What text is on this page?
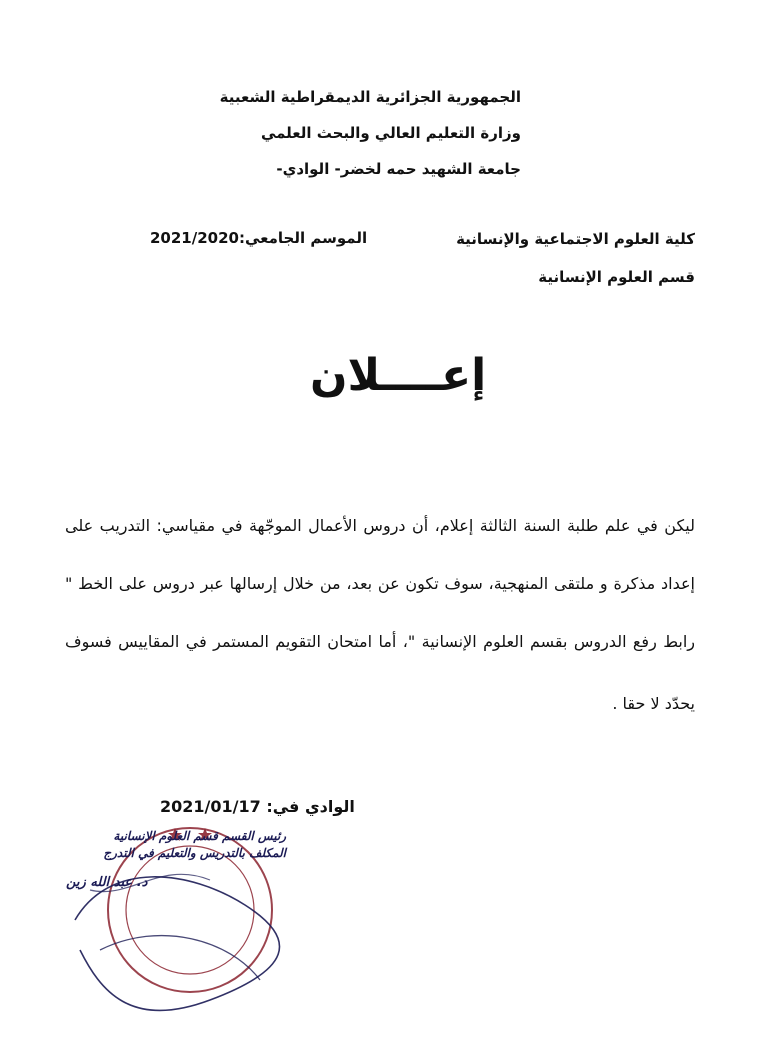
الجمهورية الجزائرية الديمقراطية الشعبية
وزارة التعليم العالي والبحث العلمي
جامعة الشهيد حمه لخضر- الوادي-
كلية العلوم الاجتماعية والإنسانية
الموسم الجامعي:2021/2020
قسم العلوم الإنسانية
إعــــلان
ليكن في علم طلبة السنة الثالثة إعلام، أن دروس الأعمال الموجّهة في مقياسي: التدريب على
إعداد مذكرة و ملتقى المنهجية، سوف تكون عن بعد، من خلال إرسالها عبر دروس على الخط "
رابط رفع الدروس بقسم العلوم الإنسانية "، أما امتحان التقويم المستمر في المقاييس فسوف
يحدّد لا حقا .
الوادي في: 2021/01/17
رئيس القسم قسم العلوم الإنسانية
المكلف بالتدريس والتعليم في التدرج
د. عبد الله زين
